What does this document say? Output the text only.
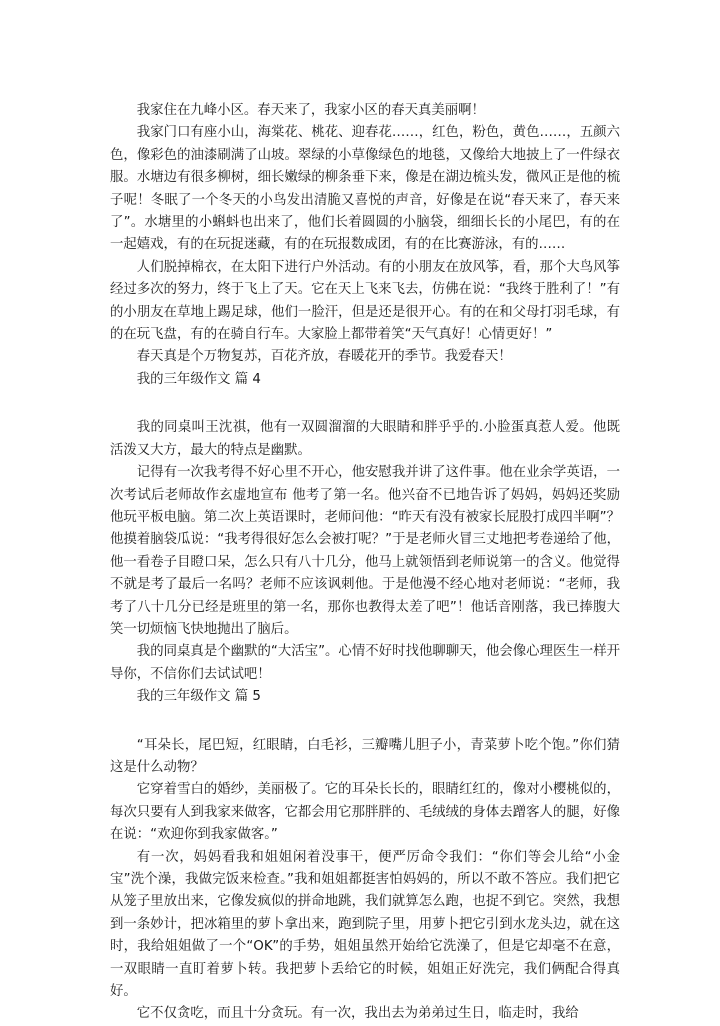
我家住在九峰小区。春天来了，我家小区的春天真美丽啊！

我家门口有座小山，海棠花、桃花、迎春花……，红色，粉色，黄色……，五颜六色，像彩色的油漆刷满了山坡。翠绿的小草像绿色的地毯，又像给大地披上了一件绿衣服。水塘边有很多柳树，细长嫩绿的柳条垂下来，像是在湖边梳头发，微风正是他的梳子呢！冬眠了一个冬天的小鸟发出清脆又喜悦的声音，好像是在说“春天来了，春天来了”。水塘里的小蝌蚪也出来了，他们长着圆圆的小脑袋，细细长长的小尾巴，有的在一起嬉戏，有的在玩捉迷藏，有的在玩报数成团，有的在比赛游泳，有的……

人们脱掉棉衣，在太阳下进行户外活动。有的小朋友在放风筝，看，那个大鸟风筝经过多次的努力，终于飞上了天。它在天上飞来飞去，仿佛在说：“我终于胜利了！”有的小朋友在草地上踢足球，他们一脸汗，但是还是很开心。有的在和父母打羽毛球，有的在玩飞盘，有的在骑自行车。大家脸上都带着笑“天气真好！心情更好！”

春天真是个万物复苏，百花齐放，春暖花开的季节。我爱春天！

我的三年级作文 篇 4

我的同桌叫王沈祺，他有一双圆溜溜的大眼睛和胖乎乎的.小脸蛋真惹人爱。他既活泼又大方，最大的特点是幽默。

记得有一次我考得不好心里不开心，他安慰我并讲了这件事。他在业余学英语，一次考试后老师故作玄虚地宣布 他考了第一名。他兴奋不已地告诉了妈妈，妈妈还奖励他玩平板电脑。第二次上英语课时，老师问他：“昨天有没有被家长屁股打成四半啊”？他摸着脑袋瓜说：“我考得很好怎么会被打呢？”于是老师火冒三丈地把考卷递给了他，他一看卷子目瞪口呆，怎么只有八十几分，他马上就领悟到老师说第一的含义。他觉得不就是考了最后一名吗？老师不应该讽刺他。于是他漫不经心地对老师说：“老师，我考了八十几分已经是班里的第一名，那你也教得太差了吧”！他话音刚落，我已捧腹大笑一切烦恼飞快地抛出了脑后。

我的同桌真是个幽默的“大活宝”。心情不好时找他聊聊天，他会像心理医生一样开导你，不信你们去试试吧！

我的三年级作文 篇 5

“耳朵长，尾巴短，红眼睛，白毛衫，三瓣嘴儿胆子小，青菜萝卜吃个饱。”你们猜这是什么动物？

它穿着雪白的婚纱，美丽极了。它的耳朵长长的，眼睛红红的，像对小樱桃似的，每次只要有人到我家来做客，它都会用它那胖胖的、毛绒绒的身体去蹭客人的腿，好像在说：“欢迎你到我家做客。”

有一次，妈妈看我和姐姐闲着没事干，便严厉命令我们：“你们等会儿给“小金宝”洗个澡，我做完饭来检查。”我和姐姐都挺害怕妈妈的，所以不敢不答应。我们把它从笼子里放出来，它像发疯似的拼命地跳，我们就算怎么跑，也捉不到它。突然，我想到一条妙计，把冰箱里的萝卜拿出来，跑到院子里，用萝卜把它引到水龙头边，就在这时，我给姐姐做了一个“OK”的手势，姐姐虽然开始给它洗澡了，但是它却毫不在意，一双眼睛一直盯着萝卜转。我把萝卜丢给它的时候，姐姐正好洗完，我们俩配合得真好。

它不仅贪吃，而且十分贪玩。有一次，我出去为弟弟过生日，临走时，我给
